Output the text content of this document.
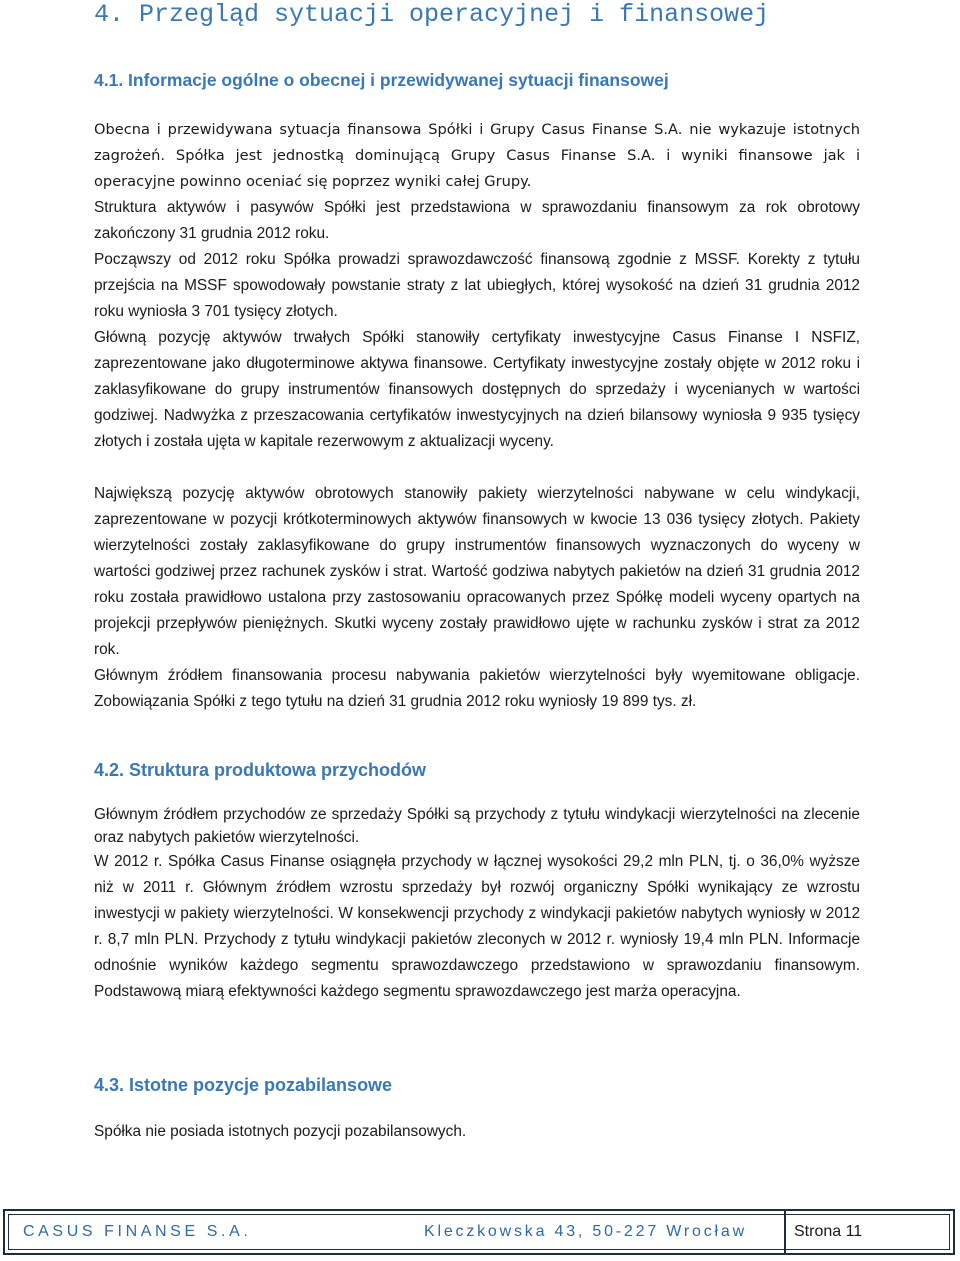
4. Przegląd sytuacji operacyjnej i finansowej
4.1. Informacje ogólne o obecnej i przewidywanej sytuacji finansowej

Obecna i przewidywana sytuacja finansowa Spółki i Grupy Casus Finanse S.A. nie wykazuje istotnych zagrożeń. Spółka jest jednostką dominującą Grupy Casus Finanse S.A. i wyniki finansowe jak i operacyjne powinno oceniać się poprzez wyniki całej Grupy.

Struktura aktywów i pasywów Spółki jest przedstawiona w sprawozdaniu finansowym za rok obrotowy zakończony 31 grudnia 2012 roku.

Począwszy od 2012 roku Spółka prowadzi sprawozdawczość finansową zgodnie z MSSF. Korekty z tytułu przejścia na MSSF spowodowały powstanie straty z lat ubiegłych, której wysokość na dzień 31 grudnia 2012 roku wyniosła 3 701 tysięcy złotych.

Główną pozycję aktywów trwałych Spółki stanowiły certyfikaty inwestycyjne Casus Finanse I NSFIZ, zaprezentowane jako długoterminowe aktywa finansowe. Certyfikaty inwestycyjne zostały objęte w 2012 roku i zaklasyfikowane do grupy instrumentów finansowych dostępnych do sprzedaży i wycenianych w wartości godziwej. Nadwyżka z przeszacowania certyfikatów inwestycyjnych na dzień bilansowy wyniosła 9 935 tysięcy złotych i została ujęta w kapitale rezerwowym z aktualizacji wyceny.

Największą pozycję aktywów obrotowych stanowiły pakiety wierzytelności nabywane w celu windykacji, zaprezentowane w pozycji krótkoterminowych aktywów finansowych w kwocie 13 036 tysięcy złotych. Pakiety wierzytelności zostały zaklasyfikowane do grupy instrumentów finansowych wyznaczonych do wyceny w wartości godziwej przez rachunek zysków i strat. Wartość godziwa nabytych pakietów na dzień 31 grudnia 2012 roku została prawidłowo ustalona przy zastosowaniu opracowanych przez Spółkę modeli wyceny opartych na projekcji przepływów pieniężnych. Skutki wyceny zostały prawidłowo ujęte w rachunku zysków i strat za 2012 rok.

Głównym źródłem finansowania procesu nabywania pakietów wierzytelności były wyemitowane obligacje. Zobowiązania Spółki z tego tytułu na dzień 31 grudnia 2012 roku wyniosły 19 899 tys. zł.

4.2. Struktura produktowa przychodów

Głównym źródłem przychodów ze sprzedaży Spółki są przychody z tytułu windykacji wierzytelności na zlecenie oraz nabytych pakietów wierzytelności.

W 2012 r. Spółka Casus Finanse osiągnęła przychody w łącznej wysokości 29,2 mln PLN, tj. o 36,0% wyższe niż w 2011 r. Głównym źródłem wzrostu sprzedaży był rozwój organiczny Spółki wynikający ze wzrostu inwestycji w pakiety wierzytelności. W konsekwencji przychody z windykacji pakietów nabytych wyniosły w 2012 r. 8,7 mln PLN. Przychody z tytułu windykacji pakietów zleconych w 2012 r. wyniosły 19,4 mln PLN. Informacje odnośnie wyników każdego segmentu sprawozdawczego przedstawiono w sprawozdaniu finansowym. Podstawową miarą efektywności każdego segmentu sprawozdawczego jest marża operacyjna.

4.3. Istotne pozycje pozabilansowe

Spółka nie posiada istotnych pozycji pozabilansowych.

CASUS FINANSE S.A.	Kleczkowska 43, 50-227 Wrocław	Strona 11
